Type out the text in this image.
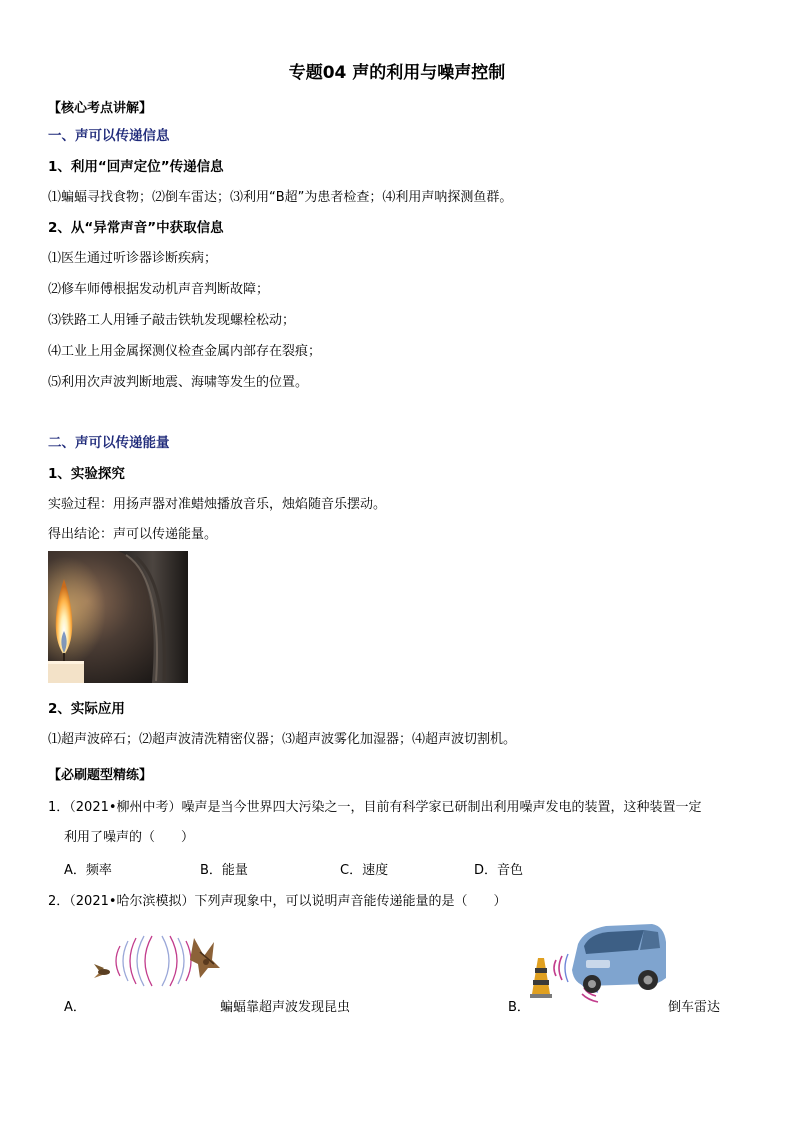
专题04 声的利用与噪声控制
【核心考点讲解】
一、声可以传递信息
1、利用“回声定位”传递信息
⑴蝙蝠寻找食物；⑵倒车雷达；⑶利用“B超”为患者检查；⑷利用声呐探测鱼群。
2、从“异常声音”中获取信息
⑴医生通过听诊器诊断疾病；
⑵修车师傅根据发动机声音判断故障；
⑶铁路工人用锤子敲击铁轨发现螺栓松动；
⑷工业上用金属探测仪检查金属内部存在裂痕；
⑸利用次声波判断地震、海啸等发生的位置。
二、声可以传递能量
1、实验探究
实验过程：用扬声器对准蜡烛播放音乐，烛焰随音乐摆动。
得出结论：声可以传递能量。
2、实际应用
⑴超声波碎石；⑵超声波清洗精密仪器；⑶超声波雾化加湿器；⑷超声波切割机。
【必刷题型精练】
1．（2021•柳州中考）噪声是当今世界四大污染之一，目前有科学家已研制出利用噪声发电的装置，这种装置一定
利用了噪声的（　　）
A．频率	B．能量	C．速度	D．音色
2．（2021•哈尔滨模拟）下列声现象中，可以说明声音能传递能量的是（　　）
A．	蝙蝠靠超声波发现昆虫	B．	倒车雷达
